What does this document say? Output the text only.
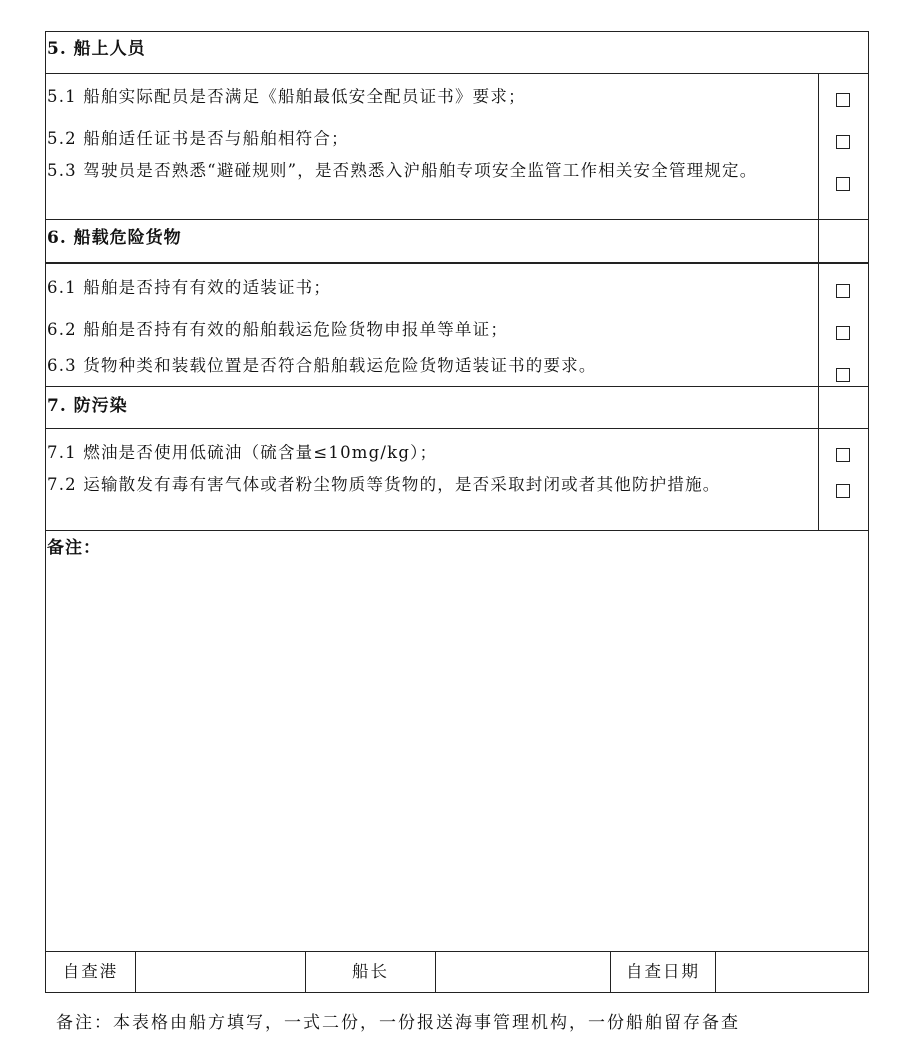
5. 船上人员
5.1 船舶实际配员是否满足《船舶最低安全配员证书》要求；
5.2 船舶适任证书是否与船舶相符合；
5.3 驾驶员是否熟悉“避碰规则”，是否熟悉入沪船舶专项安全监管工作相关安全管理规定。
6. 船载危险货物
6.1 船舶是否持有有效的适装证书；
6.2 船舶是否持有有效的船舶载运危险货物申报单等单证；
6.3 货物种类和装载位置是否符合船舶载运危险货物适装证书的要求。
7. 防污染
7.1 燃油是否使用低硫油（硫含量≤10mg/kg）；
7.2 运输散发有毒有害气体或者粉尘物质等货物的，是否采取封闭或者其他防护措施。
备注：
自查港	船长	自查日期
备注：本表格由船方填写，一式二份，一份报送海事管理机构，一份船舶留存备查
